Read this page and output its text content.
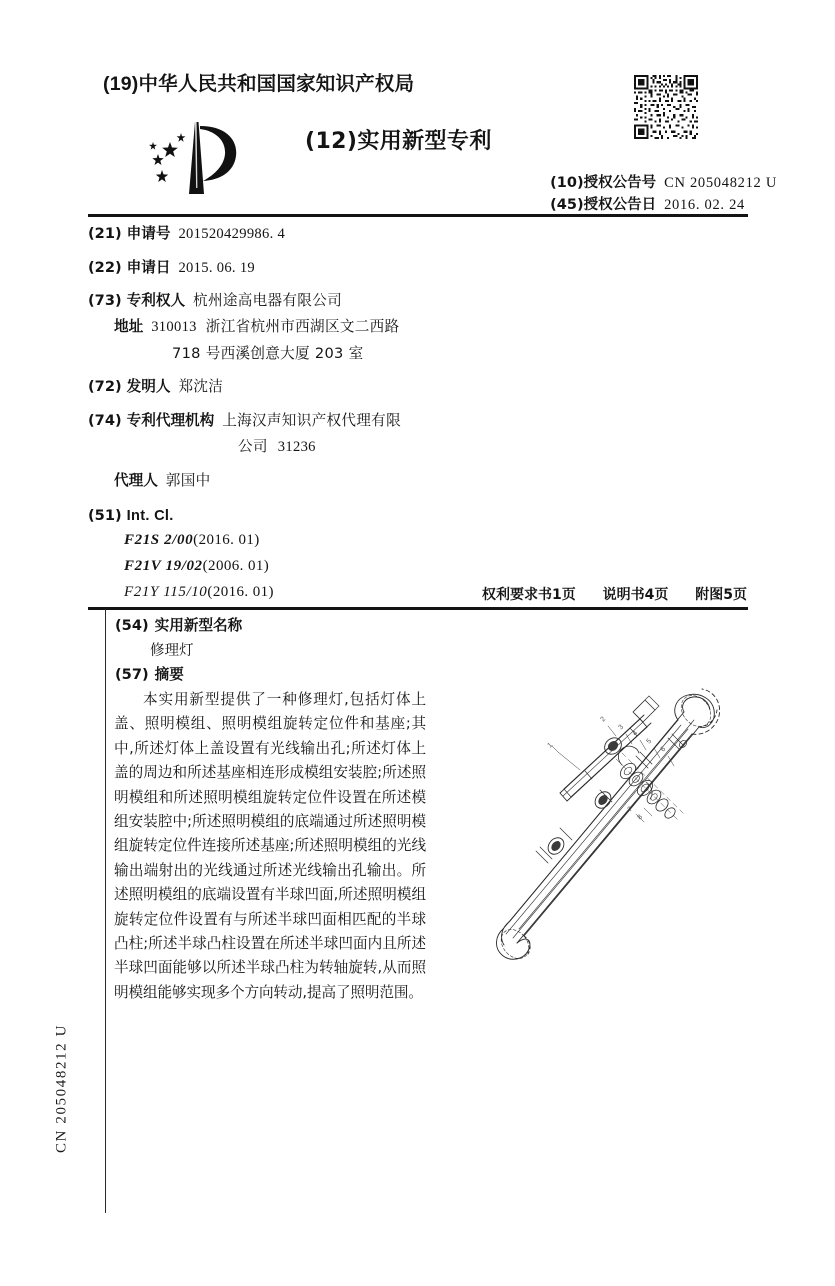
(19)中华人民共和国国家知识产权局
(12)实用新型专利
(10) 授权公告号 CN 205048212 U
(45) 授权公告日 2016. 02. 24
(21) 申请号 201520429986. 4
(22) 申请日 2015. 06. 19
(73) 专利权人 杭州途高电器有限公司
地址 310013 浙江省杭州市西湖区文二西路
718 号西溪创意大厦 203 室
(72) 发明人 郑沈洁
(74) 专利代理机构 上海汉声知识产权代理有限
公司 31236
代理人 郭国中
(51) Int. Cl.
F21S 2/00(2016. 01)
F21V 19/02(2006. 01)
F21Y 115/10(2016. 01)	权利要求书1页 说明书4页 附图5页
(54) 实用新型名称
修理灯
(57) 摘要
本实用新型提供了一种修理灯,包括灯体上盖、照明模组、照明模组旋转定位件和基座;其中,所述灯体上盖设置有光线输出孔;所述灯体上盖的周边和所述基座相连形成模组安装腔;所述照明模组和所述照明模组旋转定位件设置在所述模组安装腔中;所述照明模组的底端通过所述照明模组旋转定位件连接所述基座;所述照明模组的光线输出端射出的光线通过所述光线输出孔输出。所述照明模组的底端设置有半球凹面,所述照明模组旋转定位件设置有与所述半球凹面相匹配的半球凸柱;所述半球凸柱设置在所述半球凹面内且所述半球凹面能够以所述半球凸柱为转轴旋转,从而照明模组能够实现多个方向转动,提高了照明范围。
CN 205048212 U
1
2
3
4
5
6
7
8
